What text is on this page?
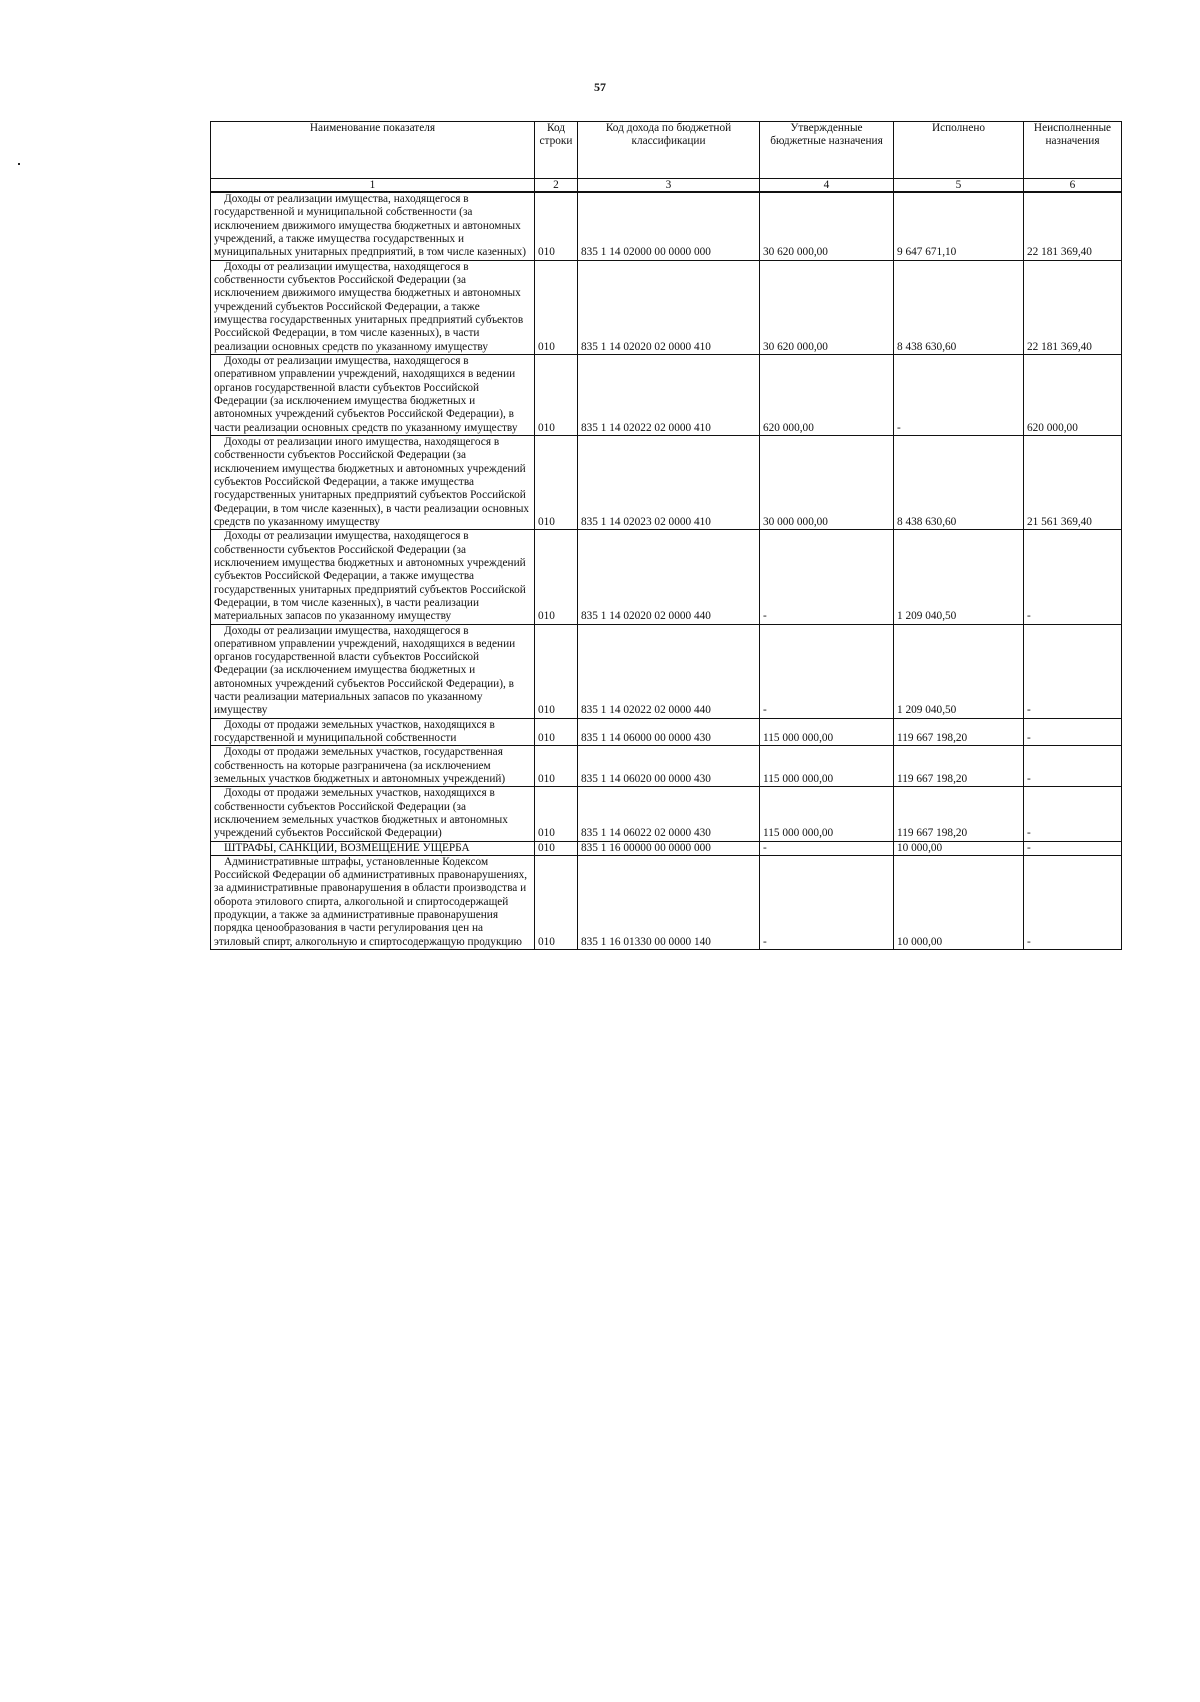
57
Наименование показателя	Код строки	Код дохода по бюджетной классификации	Утвержденные бюджетные назначения	Исполнено	Неисполненные назначения
1	2	3	4	5	6

Доходы от реализации имущества, находящегося в государственной и муниципальной собственности (за исключением движимого имущества бюджетных и автономных учреждений, а также имущества государственных и муниципальных унитарных предприятий, в том числе казенных)	010	835 1 14 02000 00 0000 000	30 620 000,00	9 647 671,10	22 181 369,40

Доходы от реализации имущества, находящегося в собственности субъектов Российской Федерации (за исключением движимого имущества бюджетных и автономных учреждений субъектов Российской Федерации, а также имущества государственных унитарных предприятий субъектов Российской Федерации, в том числе казенных), в части реализации основных средств по указанному имуществу	010	835 1 14 02020 02 0000 410	30 620 000,00	8 438 630,60	22 181 369,40

Доходы от реализации имущества, находящегося в оперативном управлении учреждений, находящихся в ведении органов государственной власти субъектов Российской Федерации (за исключением имущества бюджетных и автономных учреждений субъектов Российской Федерации), в части реализации основных средств по указанному имуществу	010	835 1 14 02022 02 0000 410	620 000,00	-	620 000,00

Доходы от реализации иного имущества, находящегося в собственности субъектов Российской Федерации (за исключением имущества бюджетных и автономных учреждений субъектов Российской Федерации, а также имущества государственных унитарных предприятий субъектов Российской Федерации, в том числе казенных), в части реализации основных средств по указанному имуществу	010	835 1 14 02023 02 0000 410	30 000 000,00	8 438 630,60	21 561 369,40

Доходы от реализации имущества, находящегося в собственности субъектов Российской Федерации (за исключением имущества бюджетных и автономных учреждений субъектов Российской Федерации, а также имущества государственных унитарных предприятий субъектов Российской Федерации, в том числе казенных), в части реализации материальных запасов по указанному имуществу	010	835 1 14 02020 02 0000 440	-	1 209 040,50	-

Доходы от реализации имущества, находящегося в оперативном управлении учреждений, находящихся в ведении органов государственной власти субъектов Российской Федерации (за исключением имущества бюджетных и автономных учреждений субъектов Российской Федерации), в части реализации материальных запасов по указанному имуществу	010	835 1 14 02022 02 0000 440	-	1 209 040,50	-

Доходы от продажи земельных участков, находящихся в государственной и муниципальной собственности	010	835 1 14 06000 00 0000 430	115 000 000,00	119 667 198,20	-

Доходы от продажи земельных участков, государственная собственность на которые разграничена (за исключением земельных участков бюджетных и автономных учреждений)	010	835 1 14 06020 00 0000 430	115 000 000,00	119 667 198,20	-

Доходы от продажи земельных участков, находящихся в собственности субъектов Российской Федерации (за исключением земельных участков бюджетных и автономных учреждений субъектов Российской Федерации)	010	835 1 14 06022 02 0000 430	115 000 000,00	119 667 198,20	-

ШТРАФЫ, САНКЦИИ, ВОЗМЕЩЕНИЕ УЩЕРБА	010	835 1 16 00000 00 0000 000	-	10 000,00	-

Административные штрафы, установленные Кодексом Российской Федерации об административных правонарушениях, за административные правонарушения в области производства и оборота этилового спирта, алкогольной и спиртосодержащей продукции, а также за административные правонарушения порядка ценообразования в части регулирования цен на этиловый спирт, алкогольную и спиртосодержащую продукцию	010	835 1 16 01330 00 0000 140	-	10 000,00	-
